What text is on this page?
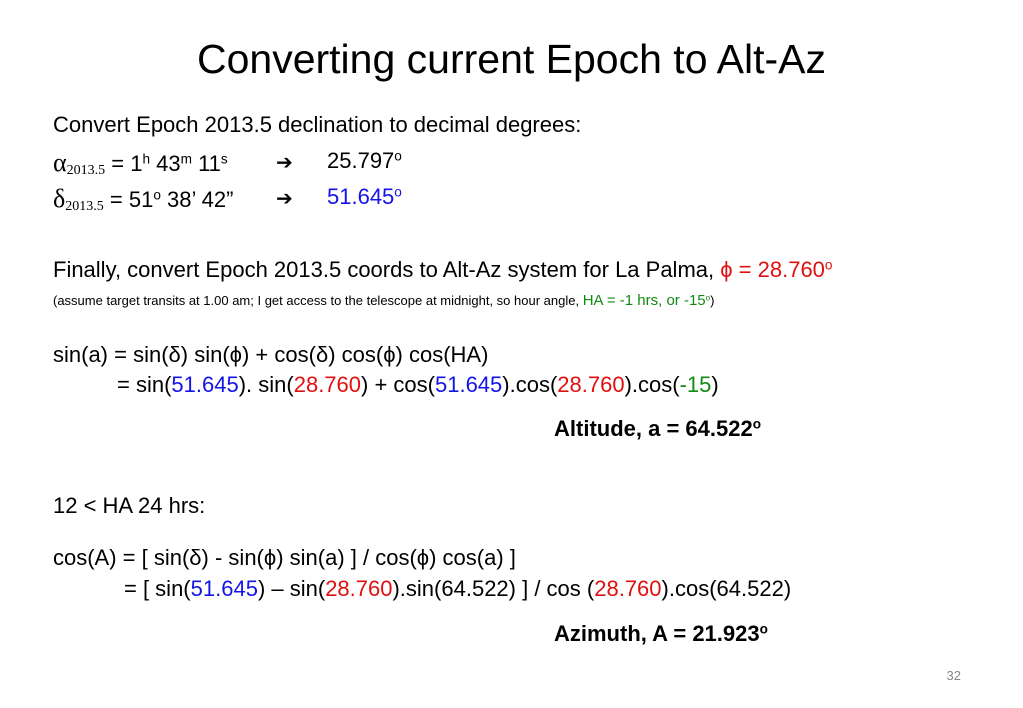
Converting current Epoch to Alt-Az
Convert Epoch 2013.5 declination to decimal degrees:
$\alpha 2013.5 = 1^h$ 43$^m$ 11$^s$ ➔ 25.797$^o$
$\delta 2013.5 = 51^o$ 38’ 42” ➔ 51.645$^o$
Finally, convert Epoch 2013.5 coords to Alt-Az system for La Palma, $\phi = 28.760^o$
(assume target transits at 1.00 am; I get access to the telescope at midnight, so hour angle, HA = -1 hrs, or -15$^o$)
sin(a) = sin(δ) sin(ϕ) + cos(δ) cos(ϕ) cos(HA)
= sin(51.645). sin(28.760) + cos(51.645).cos(28.760).cos(-15)
Altitude, $a = 64.522^o$
12 < HA 24 hrs:
cos(A) = [ sin(δ) - sin(ϕ) sin(a) ] / cos(ϕ) cos(a) ]
= [ sin(51.645) – sin(28.760).sin(64.522) ] / cos (28.760).cos(64.522)
Azimuth, $A = 21.923^o$
32
